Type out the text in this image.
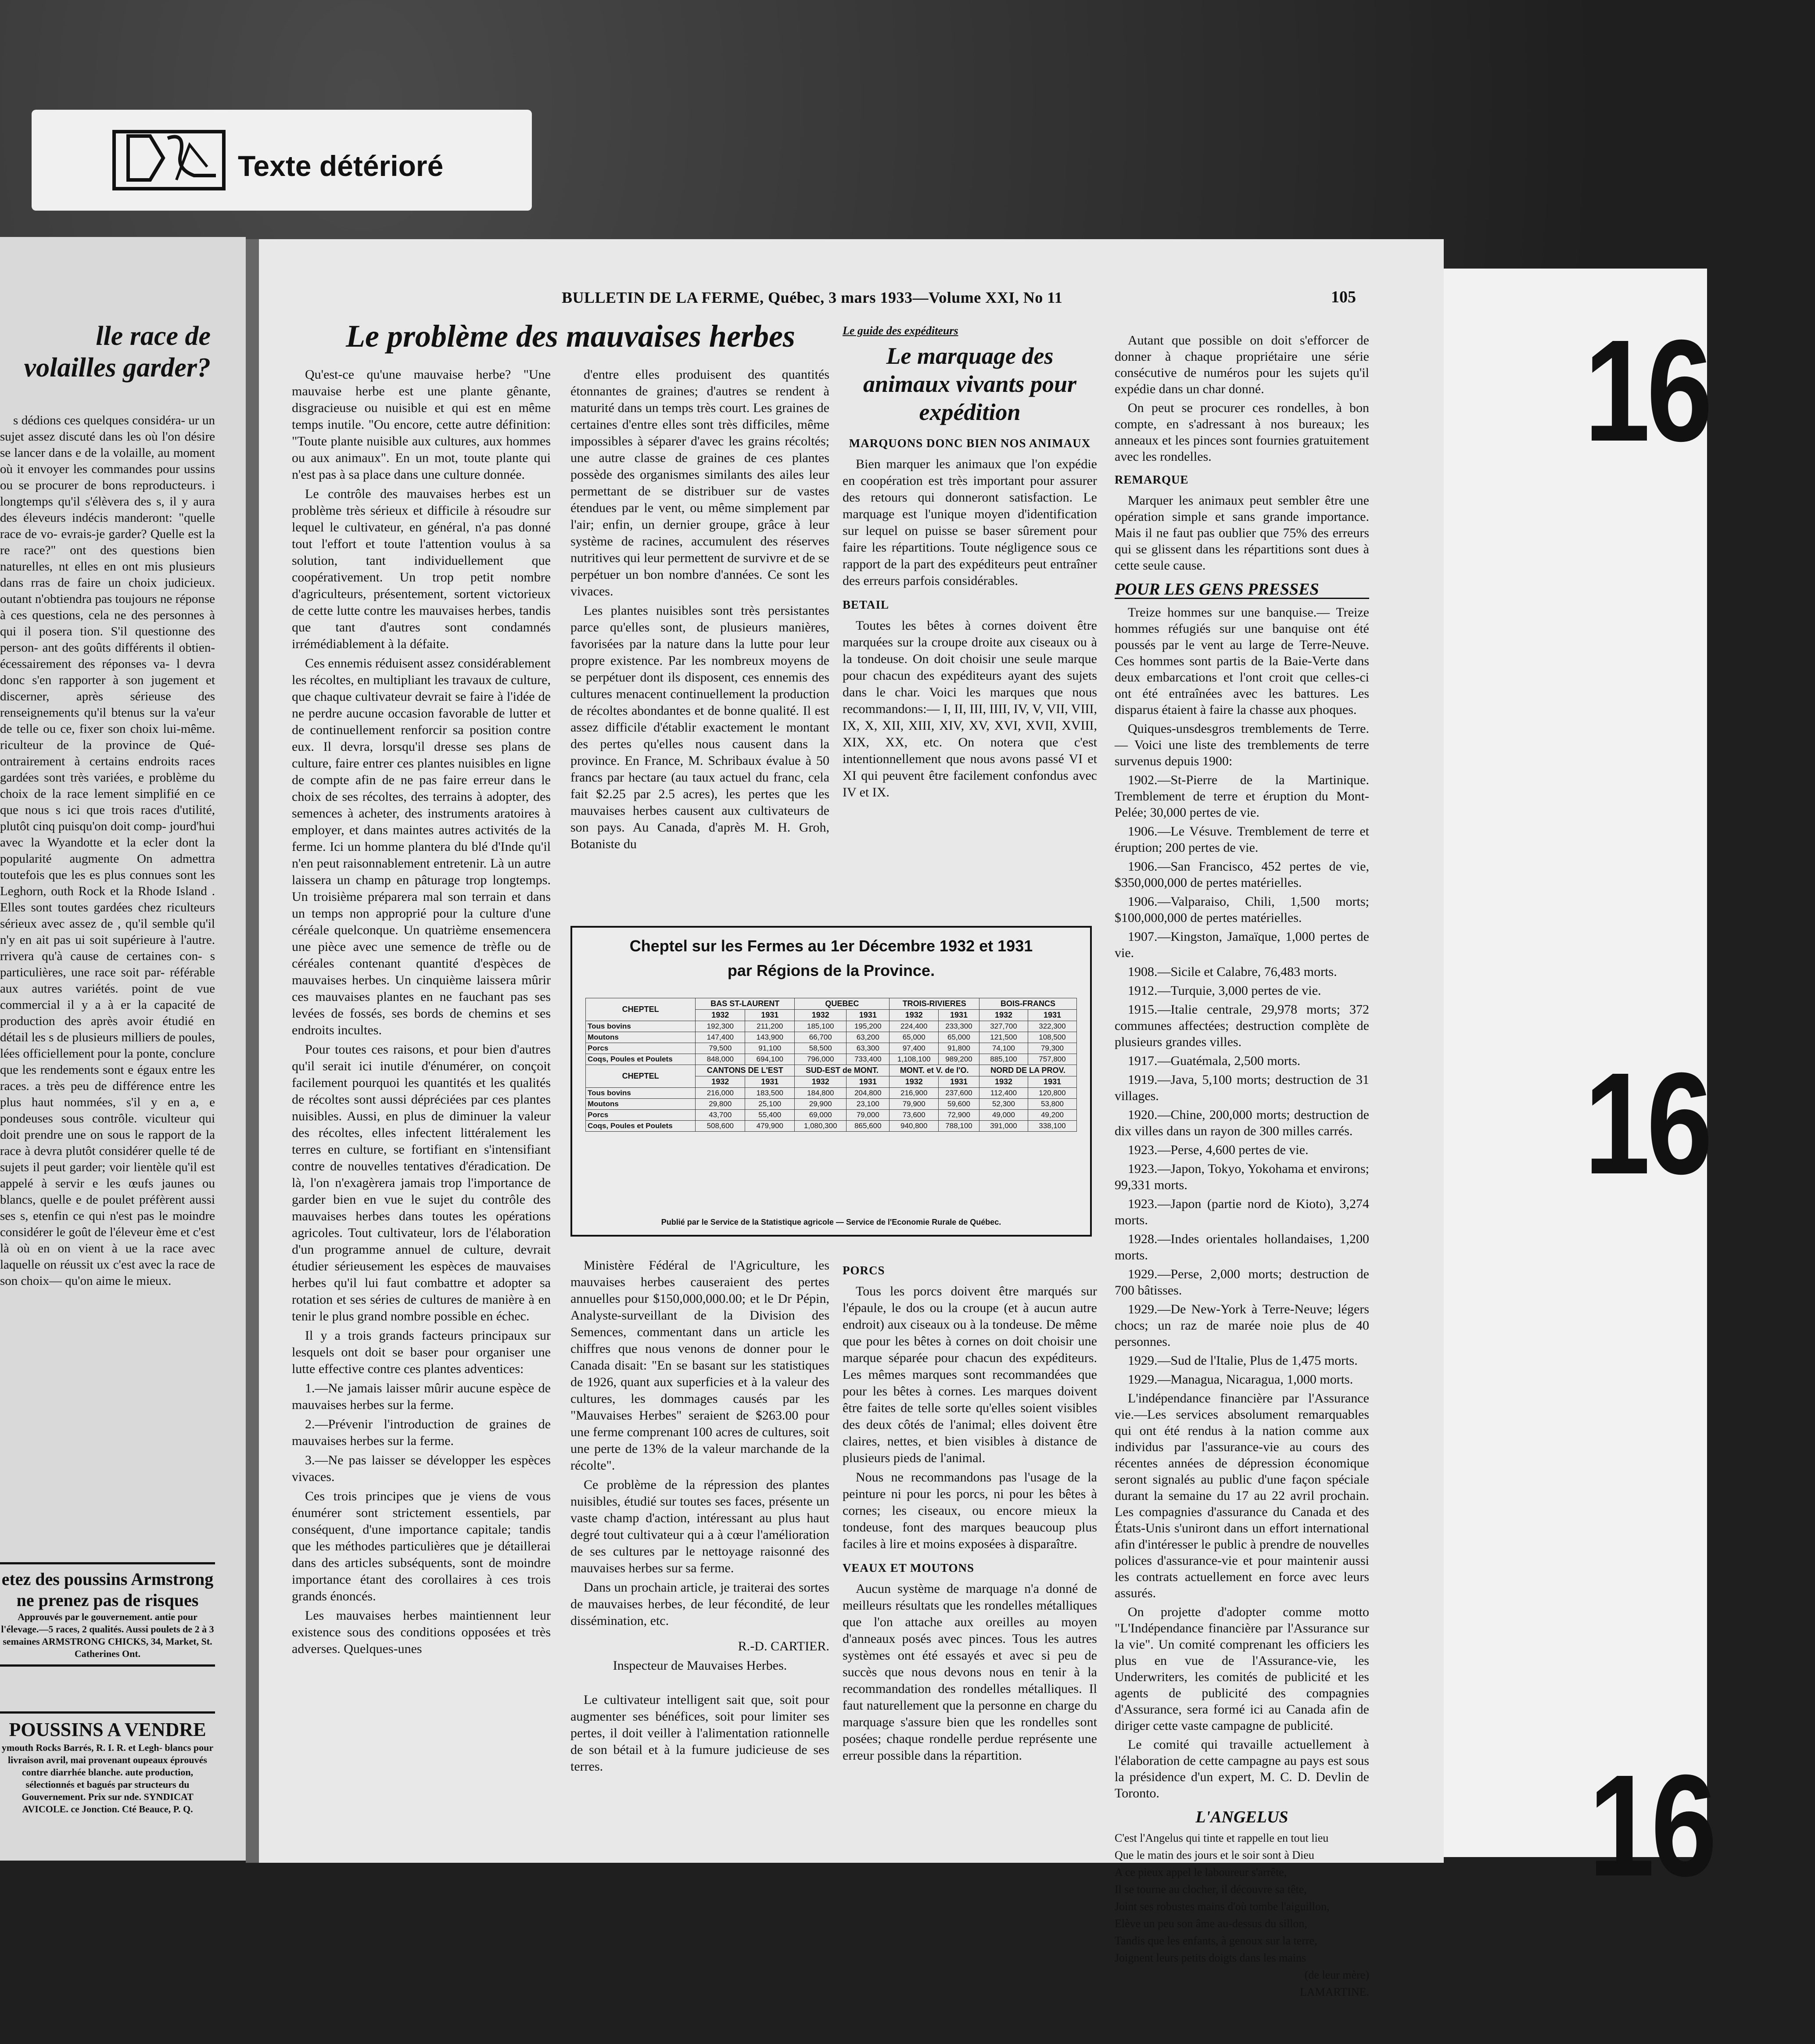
lle race de volailles garder?

s dédions ces quelques considéra- ur un sujet assez discuté dans les où l'on désire se lancer dans e de la volaille, au moment où it envoyer les commandes pour ussins ou se procurer de bons reproducteurs. i longtemps qu'il s'élèvera des s, il y aura des éleveurs indécis manderont: "quelle race de vo- evrais-je garder? Quelle est la re race?" ont des questions bien naturelles, nt elles en ont mis plusieurs dans rras de faire un choix judicieux. outant n'obtiendra pas toujours ne réponse à ces questions, cela ne des personnes à qui il posera tion. S'il questionne des person- ant des goûts différents il obtien- écessairement des réponses va- l devra donc s'en rapporter à son jugement et discerner, après sérieuse des renseignements qu'il btenus sur la va'eur de telle ou ce, fixer son choix lui-même. riculteur de la province de Qué- ontrairement à certains endroits races gardées sont très variées, e problème du choix de la race lement simplifié en ce que nous s ici que trois races d'utilité, plutôt cinq puisqu'on doit comp- jourd'hui avec la Wyandotte et la ecler dont la popularité augmente On admettra toutefois que les es plus connues sont les Leghorn, outh Rock et la Rhode Island . Elles sont toutes gardées chez riculteurs sérieux avec assez de , qu'il semble qu'il n'y en ait pas ui soit supérieure à l'autre. rrivera qu'à cause de certaines con- s particulières, une race soit par- référable aux autres variétés. point de vue commercial il y a à er la capacité de production des après avoir étudié en détail les s de plusieurs milliers de poules, lées officiellement pour la ponte, conclure que les rendements sont e égaux entre les races. a très peu de différence entre les plus haut nommées, s'il y en a, e pondeuses sous contrôle. viculteur qui doit prendre une on sous le rapport de la race à devra plutôt considérer quelle té de sujets il peut garder; voir lientèle qu'il est appelé à servir e les œufs jaunes ou blancs, quelle e de poulet préfèrent aussi ses s, etenfin ce qui n'est pas le moindre considérer le goût de l'éleveur ème et c'est là où en on vient à ue la race avec laquelle on réussit ux c'est avec la race de son choix— qu'on aime le mieux.

etez des poussins Armstrong ne prenez pas de risques
Approuvés par le gouvernement. antie pour l'élevage.—5 races, 2 qualités. Aussi poulets de 2 à 3 semaines ARMSTRONG CHICKS, 34, Market, St. Catherines Ont.
POUSSINS A VENDRE
ymouth Rocks Barrés, R. I. R. et Legh- blancs pour livraison avril, mai provenant oupeaux éprouvés contre diarrhée blanche. aute production, sélectionnés et bagués par structeurs du Gouvernement. Prix sur nde. SYNDICAT AVICOLE. ce Jonction. Cté Beauce, P. Q.
Texte détérioré
BULLETIN DE LA FERME, Québec, 3 mars 1933—Volume XXI, No 11	105
Le problème des mauvaises herbes

Qu'est-ce qu'une mauvaise herbe? "Une mauvaise herbe est une plante gênante, disgracieuse ou nuisible et qui est en même temps inutile. "Ou encore, cette autre définition: "Toute plante nuisible aux cultures, aux hommes ou aux animaux". En un mot, toute plante qui n'est pas à sa place dans une culture donnée.

Le contrôle des mauvaises herbes est un problème très sérieux et difficile à résoudre sur lequel le cultivateur, en général, n'a pas donné tout l'effort et toute l'attention voulus à sa solution, tant individuellement que coopérativement. Un trop petit nombre d'agriculteurs, présentement, sortent victorieux de cette lutte contre les mauvaises herbes, tandis que tant d'autres sont condamnés irrémédiablement à la défaite.

Ces ennemis réduisent assez considérablement les récoltes, en multipliant les travaux de culture, que chaque cultivateur devrait se faire à l'idée de ne perdre aucune occasion favorable de lutter et de continuellement renforcir sa position contre eux. Il devra, lorsqu'il dresse ses plans de culture, faire entrer ces plantes nuisibles en ligne de compte afin de ne pas faire erreur dans le choix de ses récoltes, des terrains à adopter, des semences à acheter, des instruments aratoires à employer, et dans maintes autres activités de la ferme. Ici un homme plantera du blé d'Inde qu'il n'en peut raisonnablement entretenir. Là un autre laissera un champ en pâturage trop longtemps. Un troisième préparera mal son terrain et dans un temps non approprié pour la culture d'une céréale quelconque. Un quatrième ensemencera une pièce avec une semence de trèfle ou de céréales contenant quantité d'espèces de mauvaises herbes. Un cinquième laissera mûrir ces mauvaises plantes en ne fauchant pas ses levées de fossés, ses bords de chemins et ses endroits incultes.

Pour toutes ces raisons, et pour bien d'autres qu'il serait ici inutile d'énumérer, on conçoit facilement pourquoi les quantités et les qualités de récoltes sont aussi dépréciées par ces plantes nuisibles. Aussi, en plus de diminuer la valeur des récoltes, elles infectent littéralement les terres en culture, se fortifiant en s'intensifiant contre de nouvelles tentatives d'éradication. De là, l'on n'exagèrera jamais trop l'importance de garder bien en vue le sujet du contrôle des mauvaises herbes dans toutes les opérations agricoles. Tout cultivateur, lors de l'élaboration d'un programme annuel de culture, devrait étudier sérieusement les espèces de mauvaises herbes qu'il lui faut combattre et adopter sa rotation et ses séries de cultures de manière à en tenir le plus grand nombre possible en échec.

Il y a trois grands facteurs principaux sur lesquels ont doit se baser pour organiser une lutte effective contre ces plantes adventices:

1.—Ne jamais laisser mûrir aucune espèce de mauvaises herbes sur la ferme.

2.—Prévenir l'introduction de graines de mauvaises herbes sur la ferme.

3.—Ne pas laisser se développer les espèces vivaces.

Ces trois principes que je viens de vous énumérer sont strictement essentiels, par conséquent, d'une importance capitale; tandis que les méthodes particulières que je détaillerai dans des articles subséquents, sont de moindre importance étant des corollaires à ces trois grands énoncés.

Les mauvaises herbes maintiennent leur existence sous des conditions opposées et très adverses. Quelques-unes

d'entre elles produisent des quantités étonnantes de graines; d'autres se rendent à maturité dans un temps très court. Les graines de certaines d'entre elles sont très difficiles, même impossibles à séparer d'avec les grains récoltés; une autre classe de graines de ces plantes possède des organismes similants des ailes leur permettant de se distribuer sur de vastes étendues par le vent, ou même simplement par l'air; enfin, un dernier groupe, grâce à leur système de racines, accumulent des réserves nutritives qui leur permettent de survivre et de se perpétuer un bon nombre d'années. Ce sont les vivaces.

Les plantes nuisibles sont très persistantes parce qu'elles sont, de plusieurs manières, favorisées par la nature dans la lutte pour leur propre existence. Par les nombreux moyens de se perpétuer dont ils disposent, ces ennemis des cultures menacent continuellement la production de récoltes abondantes et de bonne qualité. Il est assez difficile d'établir exactement le montant des pertes qu'elles nous causent dans la province. En France, M. Schribaux évalue à 50 francs par hectare (au taux actuel du franc, cela fait $2.25 par 2.5 acres), les pertes que les mauvaises herbes causent aux cultivateurs de son pays. Au Canada, d'après M. H. Groh, Botaniste du

Cheptel sur les Fermes au 1er Décembre 1932 et 1931
par Régions de la Province.
CHEPTEL	BAS ST-LAURENT		QUEBEC		TROIS-RIVIERES		BOIS-FRANCS	
	1932	1931	1932	1931	1932	1931	1932	1931
Tous bovins	192,300	211,200	185,100	195,200	224,400	233,300	327,700	322,300
Moutons	147,400	143,900	66,700	63,200	65,000	65,000	121,500	108,500
Porcs	79,500	91,100	58,500	63,300	97,400	91,800	74,100	79,300
Coqs, Poules et Poulets	848,000	694,100	796,000	733,400	1,108,100	989,200	885,100	757,800
CHEPTEL	CANTONS DE L'EST		SUD-EST de MONT.		MONT. et V. de l'O.		NORD DE LA PROV.	
	1932	1931	1932	1931	1932	1931	1932	1931
Tous bovins	216,000	183,500	184,800	204,800	216,900	237,600	112,400	120,800
Moutons	29,800	25,100	29,900	23,100	79,900	59,600	52,300	53,800
Porcs	43,700	55,400	69,000	79,000	73,600	72,900	49,000	49,200
Coqs, Poules et Poulets	508,600	479,900	1,080,300	865,600	940,800	788,100	391,000	338,100
Publié par le Service de la Statistique agricole — Service de l'Economie Rurale de Québec.

Ministère Fédéral de l'Agriculture, les mauvaises herbes causeraient des pertes annuelles pour $150,000,000.00; et le Dr Pépin, Analyste-surveillant de la Division des Semences, commentant dans un article les chiffres que nous venons de donner pour le Canada disait: "En se basant sur les statistiques de 1926, quant aux superficies et à la valeur des cultures, les dommages causés par les "Mauvaises Herbes" seraient de $263.00 pour une ferme comprenant 100 acres de cultures, soit une perte de 13% de la valeur marchande de la récolte".

Ce problème de la répression des plantes nuisibles, étudié sur toutes ses faces, présente un vaste champ d'action, intéressant au plus haut degré tout cultivateur qui a à cœur l'amélioration de ses cultures par le nettoyage raisonné des mauvaises herbes sur sa ferme.

Dans un prochain article, je traiterai des sortes de mauvaises herbes, de leur fécondité, de leur dissémination, etc.

R.-D. CARTIER.

Inspecteur de Mauvaises Herbes.

Le cultivateur intelligent sait que, soit pour augmenter ses bénéfices, soit pour limiter ses pertes, il doit veiller à l'alimentation rationnelle de son bétail et à la fumure judicieuse de ses terres.

Le guide des expéditeurs

Le marquage des animaux vivants pour expédition

MARQUONS DONC BIEN NOS ANIMAUX

Bien marquer les animaux que l'on expédie en coopération est très important pour assurer des retours qui donneront satisfaction. Le marquage est l'unique moyen d'identification sur lequel on puisse se baser sûrement pour faire les répartitions. Toute négligence sous ce rapport de la part des expéditeurs peut entraîner des erreurs parfois considérables.

BETAIL

Toutes les bêtes à cornes doivent être marquées sur la croupe droite aux ciseaux ou à la tondeuse. On doit choisir une seule marque pour chacun des expéditeurs ayant des sujets dans le char. Voici les marques que nous recommandons:— I, II, III, IIII, IV, V, VII, VIII, IX, X, XII, XIII, XIV, XV, XVI, XVII, XVIII, XIX, XX, etc. On notera que c'est intentionnellement que nous avons passé VI et XI qui peuvent être facilement confondus avec IV et IX.

PORCS

Tous les porcs doivent être marqués sur l'épaule, le dos ou la croupe (et à aucun autre endroit) aux ciseaux ou à la tondeuse. De même que pour les bêtes à cornes on doit choisir une marque séparée pour chacun des expéditeurs. Les mêmes marques sont recommandées que pour les bêtes à cornes. Les marques doivent être faites de telle sorte qu'elles soient visibles des deux côtés de l'animal; elles doivent être claires, nettes, et bien visibles à distance de plusieurs pieds de l'animal.

Nous ne recommandons pas l'usage de la peinture ni pour les porcs, ni pour les bêtes à cornes; les ciseaux, ou encore mieux la tondeuse, font des marques beaucoup plus faciles à lire et moins exposées à disparaître.

VEAUX ET MOUTONS

Aucun système de marquage n'a donné de meilleurs résultats que les rondelles métalliques que l'on attache aux oreilles au moyen d'anneaux posés avec pinces. Tous les autres systèmes ont été essayés et avec si peu de succès que nous devons nous en tenir à la recommandation des rondelles métalliques. Il faut naturellement que la personne en charge du marquage s'assure bien que les rondelles sont posées; chaque rondelle perdue représente une erreur possible dans la répartition.

Autant que possible on doit s'efforcer de donner à chaque propriétaire une série consécutive de numéros pour les sujets qu'il expédie dans un char donné.

On peut se procurer ces rondelles, à bon compte, en s'adressant à nos bureaux; les anneaux et les pinces sont fournies gratuitement avec les rondelles.

REMARQUE

Marquer les animaux peut sembler être une opération simple et sans grande importance. Mais il ne faut pas oublier que 75% des erreurs qui se glissent dans les répartitions sont dues à cette seule cause.

POUR LES GENS PRESSES

Treize hommes sur une banquise.— Treize hommes réfugiés sur une banquise ont été poussés par le vent au large de Terre-Neuve. Ces hommes sont partis de la Baie-Verte dans deux embarcations et l'ont croit que celles-ci ont été entraînées avec les battures. Les disparus étaient à faire la chasse aux phoques.

Quiques-unsdesgros tremblements de Terre.— Voici une liste des tremblements de terre survenus depuis 1900:

1902.—St-Pierre de la Martinique. Tremblement de terre et éruption du Mont-Pelée; 30,000 pertes de vie.

1906.—Le Vésuve. Tremblement de terre et éruption; 200 pertes de vie.

1906.—San Francisco, 452 pertes de vie, $350,000,000 de pertes matérielles.

1906.—Valparaiso, Chili, 1,500 morts; $100,000,000 de pertes matérielles.

1907.—Kingston, Jamaïque, 1,000 pertes de vie.

1908.—Sicile et Calabre, 76,483 morts.

1912.—Turquie, 3,000 pertes de vie.

1915.—Italie centrale, 29,978 morts; 372 communes affectées; destruction complète de plusieurs grandes villes.

1917.—Guatémala, 2,500 morts.

1919.—Java, 5,100 morts; destruction de 31 villages.

1920.—Chine, 200,000 morts; destruction de dix villes dans un rayon de 300 milles carrés.

1923.—Perse, 4,600 pertes de vie.

1923.—Japon, Tokyo, Yokohama et environs; 99,331 morts.

1923.—Japon (partie nord de Kioto), 3,274 morts.

1928.—Indes orientales hollandaises, 1,200 morts.

1929.—Perse, 2,000 morts; destruction de 700 bâtisses.

1929.—De New-York à Terre-Neuve; légers chocs; un raz de marée noie plus de 40 personnes.

1929.—Sud de l'Italie, Plus de 1,475 morts.

1929.—Managua, Nicaragua, 1,000 morts.

L'indépendance financière par l'Assurance vie.—Les services absolument remarquables qui ont été rendus à la nation comme aux individus par l'assurance-vie au cours des récentes années de dépression économique seront signalés au public d'une façon spéciale durant la semaine du 17 au 22 avril prochain. Les compagnies d'assurance du Canada et des États-Unis s'uniront dans un effort international afin d'intéresser le public à prendre de nouvelles polices d'assurance-vie et pour maintenir aussi les contrats actuellement en force avec leurs assurés.

On projette d'adopter comme motto "L'Indépendance financière par l'Assurance sur la vie". Un comité comprenant les officiers les plus en vue de l'Assurance-vie, les Underwriters, les comités de publicité et les agents de publicité des compagnies d'Assurance, sera formé ici au Canada afin de diriger cette vaste campagne de publicité.

Le comité qui travaille actuellement à l'élaboration de cette campagne au pays est sous la présidence d'un expert, M. C. D. Devlin de Toronto.

L'ANGELUS

C'est l'Angelus qui tinte et rappelle en tout lieu

Que le matin des jours et le soir sont à Dieu

A ce pieux appel le laboureur s'arrête,

Il se tourne au clocher, il découvre sa tête,

Joint ses robustes mains d'où tombe l'aiguillon,

Elève un peu son âme au-dessus du sillon,

Tandis que les enfants, à genoux sur la terre,

Joignent leurs petits doigts dans les mains

(de leur mère)

LAMARTINE.

16
16
16
